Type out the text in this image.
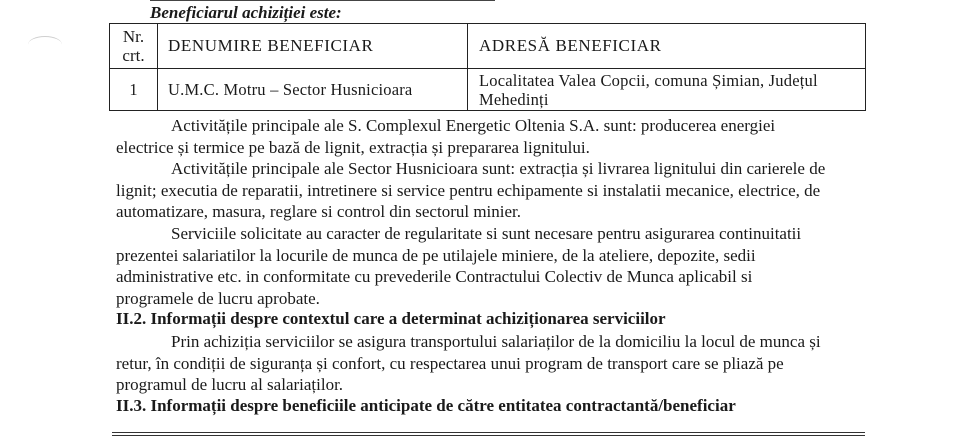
Beneficiarul achiziției este:
Nr.
crt.	DENUMIRE BENEFICIAR	ADRESĂ BENEFICIAR
1	U.M.C. Motru – Sector Husnicioara	Localitatea Valea Copcii, comuna Șimian, Județul
Mehedinți
Activitățile principale ale S. Complexul Energetic Oltenia S.A. sunt: producerea energiei
electrice și termice pe bază de lignit, extracția și prepararea lignitului.
Activitățile principale ale Sector Husnicioara sunt: extracția și livrarea lignitului din carierele de
lignit; executia de reparatii, intretinere si service pentru echipamente si instalatii mecanice, electrice, de
automatizare, masura, reglare si control din sectorul minier.
Serviciile solicitate au caracter de regularitate si sunt necesare pentru asigurarea continuitatii
prezentei salariatilor la locurile de munca de pe utilajele miniere, de la ateliere, depozite, sedii
administrative etc. in conformitate cu prevederile Contractului Colectiv de Munca aplicabil si
programele de lucru aprobate.
II.2. Informații despre contextul care a determinat achiziționarea serviciilor
Prin achiziția serviciilor se asigura transportului salariaților de la domiciliu la locul de munca și
retur, în condiții de siguranța și confort, cu respectarea unui program de transport care se pliază pe
programul de lucru al salariaților.
II.3. Informații despre beneficiile anticipate de către entitatea contractantă/beneficiar
